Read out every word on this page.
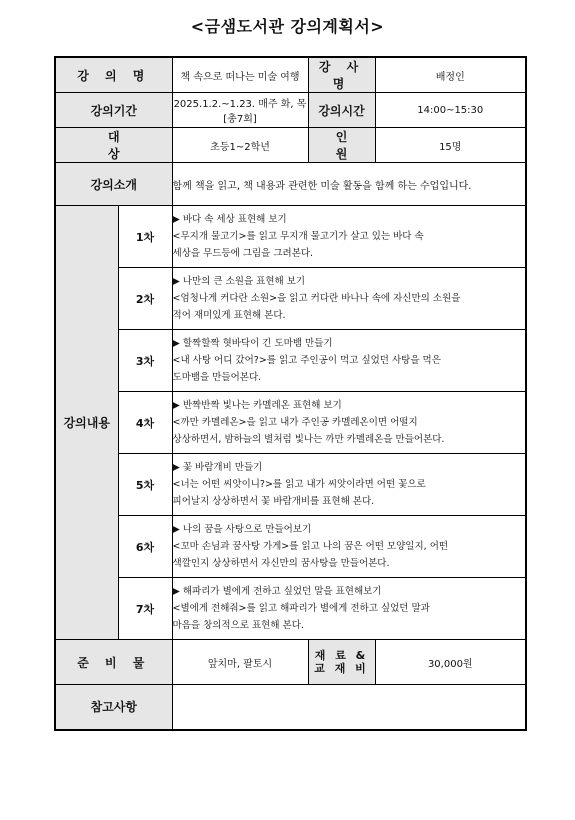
<금샘도서관 강의계획서>
강 의 명		책 속으로 떠나는 미술 여행	강 사 명	배정인
강의기간		2025.1.2.~1.23. 매주 화, 목 [총7회]	강의시간	14:00~15:30
대 상		초등1~2학년	인 원	15명
강의소개		함께 책을 읽고, 책 내용과 관련한 미술 활동을 함께 하는 수업입니다.		
강의내용	1차	▶ 바다 속 세상 표현해 보기
<무지개 물고기>를 읽고 무지개 물고기가 살고 있는 바다 속
세상을 무드등에 그림을 그려본다.		

	2차	▶ 나만의 큰 소원을 표현해 보기
<엄청나게 커다란 소원>을 읽고 커다란 바나나 속에 자신만의 소원을
적어 재미있게 표현해 본다.		

	3차	▶ 할짝할짝 혓바닥이 긴 도마뱀 만들기
<내 사탕 어디 갔어?>를 읽고 주인공이 먹고 싶었던 사탕을 먹은
도마뱀을 만들어본다.		

	4차	▶ 반짝반짝 빛나는 카멜레온 표현해 보기
<까만 카멜레온>을 읽고 내가 주인공 카멜레온이면 어떨지
상상하면서, 밤하늘의 별처럼 빛나는 까만 카멜레온을 만들어본다.		

	5차	▶ 꽃 바람개비 만들기
<너는 어떤 씨앗이니?>를 읽고 내가 씨앗이라면 어떤 꽃으로
피어날지 상상하면서 꽃 바람개비를 표현해 본다.		

	6차	▶ 나의 꿈을 사탕으로 만들어보기
<꼬마 손님과 꿈사탕 가게>를 읽고 나의 꿈은 어떤 모양일지, 어떤
색깔인지 상상하면서 자신만의 꿈사탕을 만들어본다.		

	7차	▶ 해파리가 별에게 전하고 싶었던 말을 표현해보기
<별에게 전해줘>를 읽고 해파리가 별에게 전하고 싶었던 말과
마음을 창의적으로 표현해 본다.		

준 비 물		앞치마, 팔토시	재 료 &
교 재 비	30,000원
참고사항				
